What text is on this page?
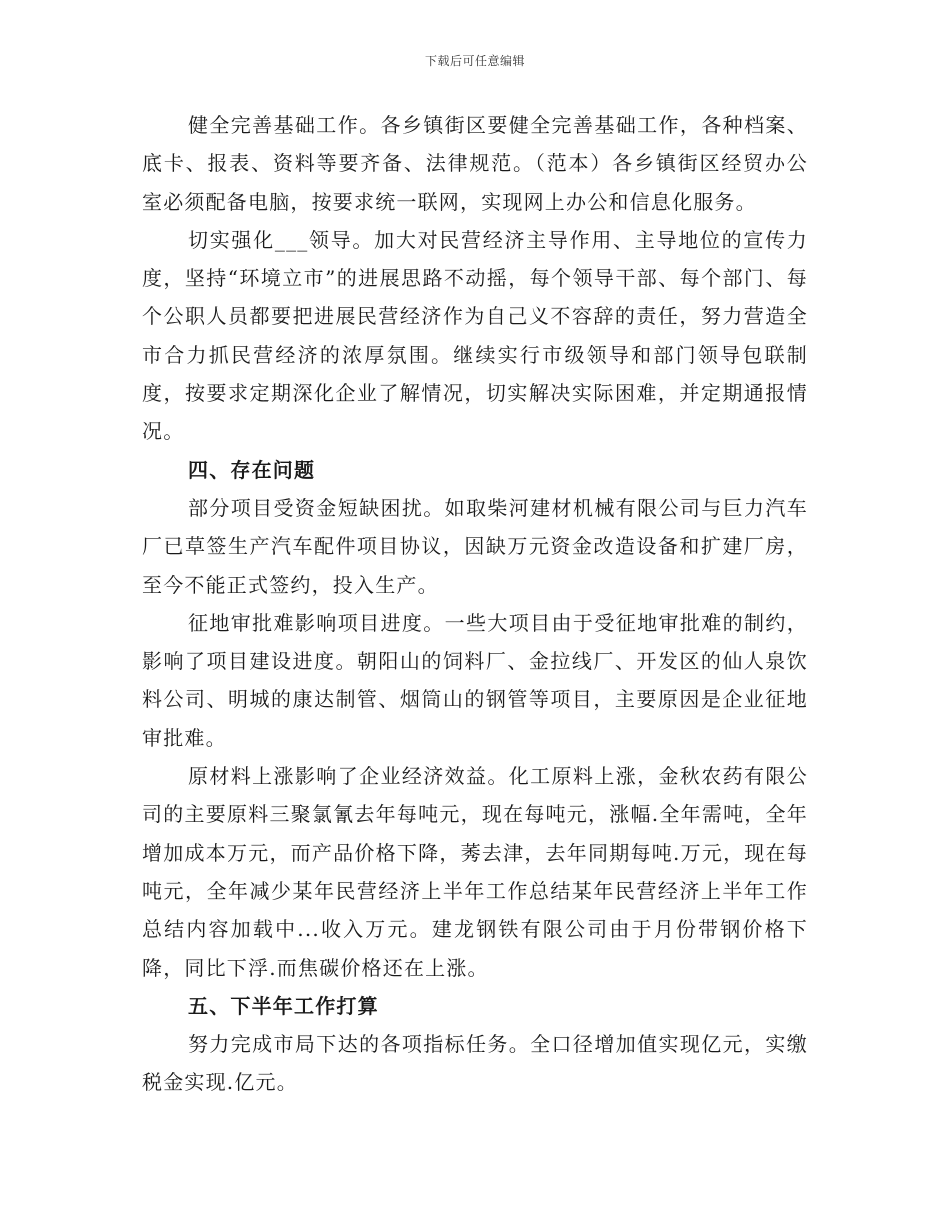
下载后可任意编辑

健全完善基础工作。各乡镇街区要健全完善基础工作，各种档案、底卡、报表、资料等要齐备、法律规范。（范本）各乡镇街区经贸办公室必须配备电脑，按要求统一联网，实现网上办公和信息化服务。

切实强化___领导。加大对民营经济主导作用、主导地位的宣传力度，坚持“环境立市”的进展思路不动摇，每个领导干部、每个部门、每个公职人员都要把进展民营经济作为自己义不容辞的责任，努力营造全市合力抓民营经济的浓厚氛围。继续实行市级领导和部门领导包联制度，按要求定期深化企业了解情况，切实解决实际困难，并定期通报情况。

四、存在问题

部分项目受资金短缺困扰。如取柴河建材机械有限公司与巨力汽车厂已草签生产汽车配件项目协议，因缺万元资金改造设备和扩建厂房，至今不能正式签约，投入生产。

征地审批难影响项目进度。一些大项目由于受征地审批难的制约，影响了项目建设进度。朝阳山的饲料厂、金拉线厂、开发区的仙人泉饮料公司、明城的康达制管、烟筒山的钢管等项目，主要原因是企业征地审批难。

原材料上涨影响了企业经济效益。化工原料上涨，金秋农药有限公司的主要原料三聚氯氰去年每吨元，现在每吨元，涨幅.全年需吨，全年增加成本万元，而产品价格下降，莠去津，去年同期每吨.万元，现在每吨元，全年减少某年民营经济上半年工作总结某年民营经济上半年工作总结内容加载中...收入万元。建龙钢铁有限公司由于月份带钢价格下降，同比下浮.而焦碳价格还在上涨。

五、下半年工作打算

努力完成市局下达的各项指标任务。全口径增加值实现亿元，实缴税金实现.亿元。
